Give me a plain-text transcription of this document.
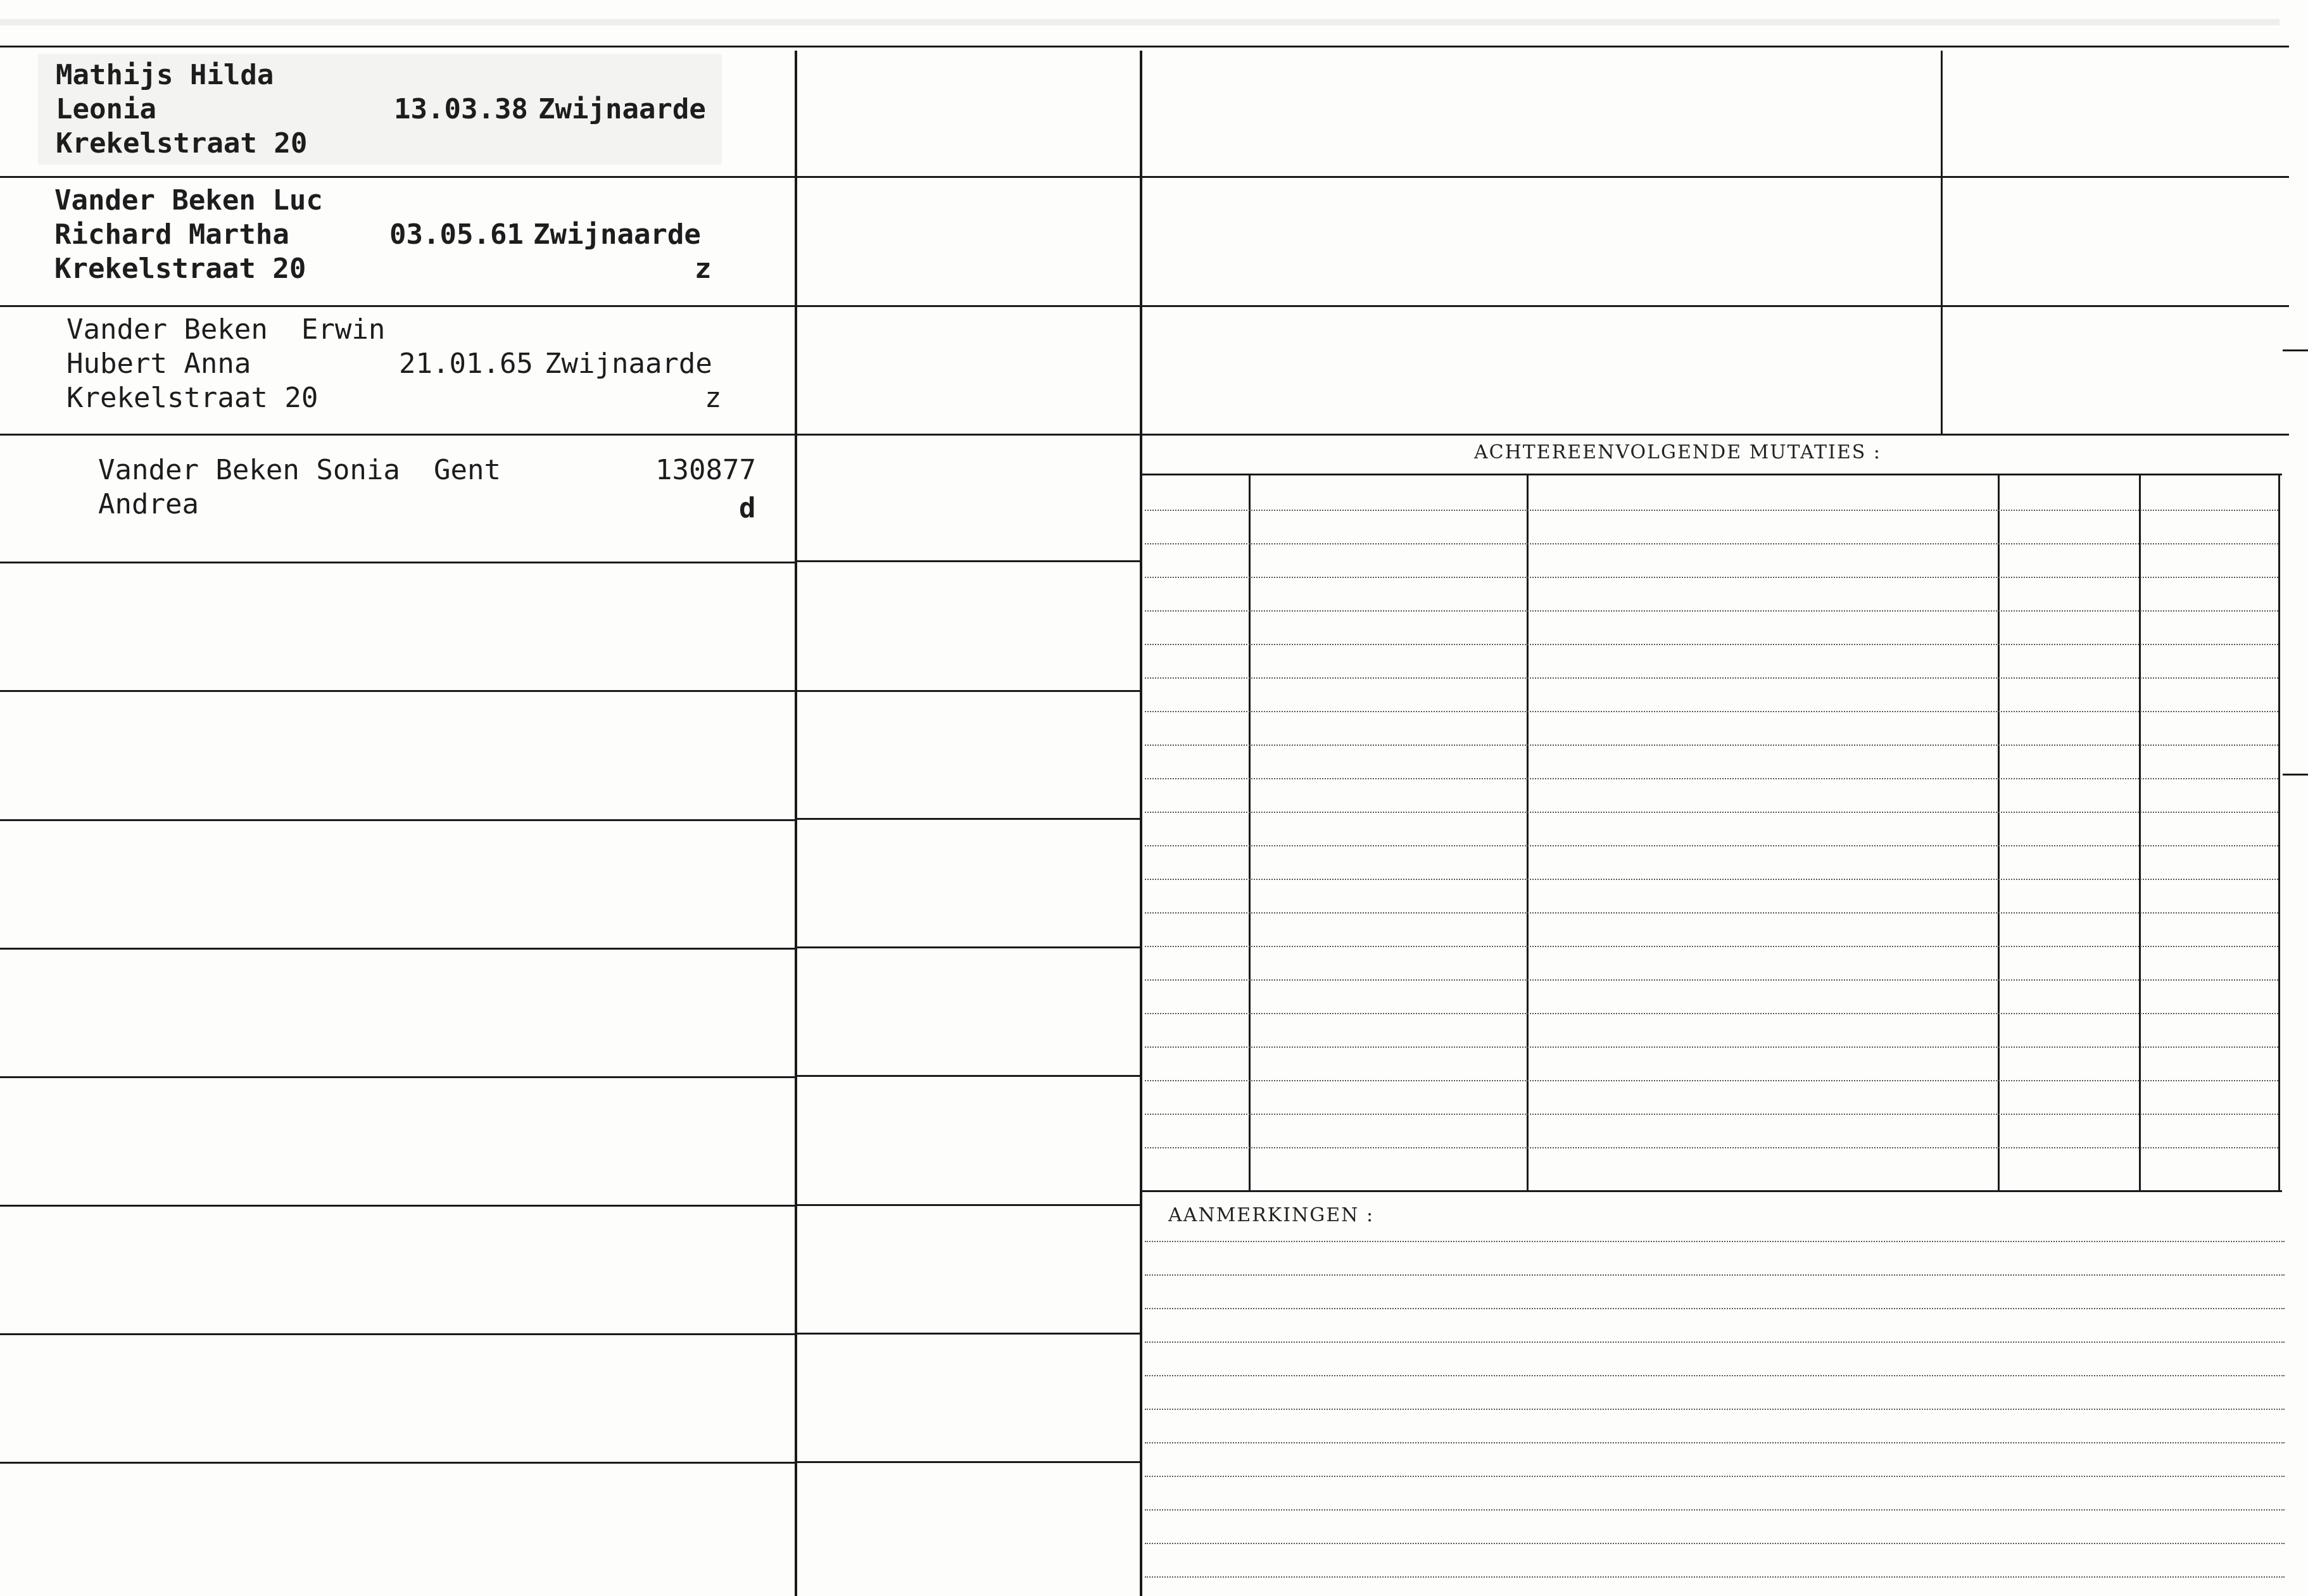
ACHTEREENVOLGENDE MUTATIES :
AANMERKINGEN :
Mathijs Hilda
Leonia
Krekelstraat 20
13.03.38 Zwijnaarde
Vander Beken Luc
Richard Martha
Krekelstraat 20
03.05.61 Zwijnaarde
z
Vander Beken  Erwin
Hubert Anna
Krekelstraat 20
21.01.65 Zwijnaarde
z
Vander Beken Sonia
Andrea
Gent	130877
d
